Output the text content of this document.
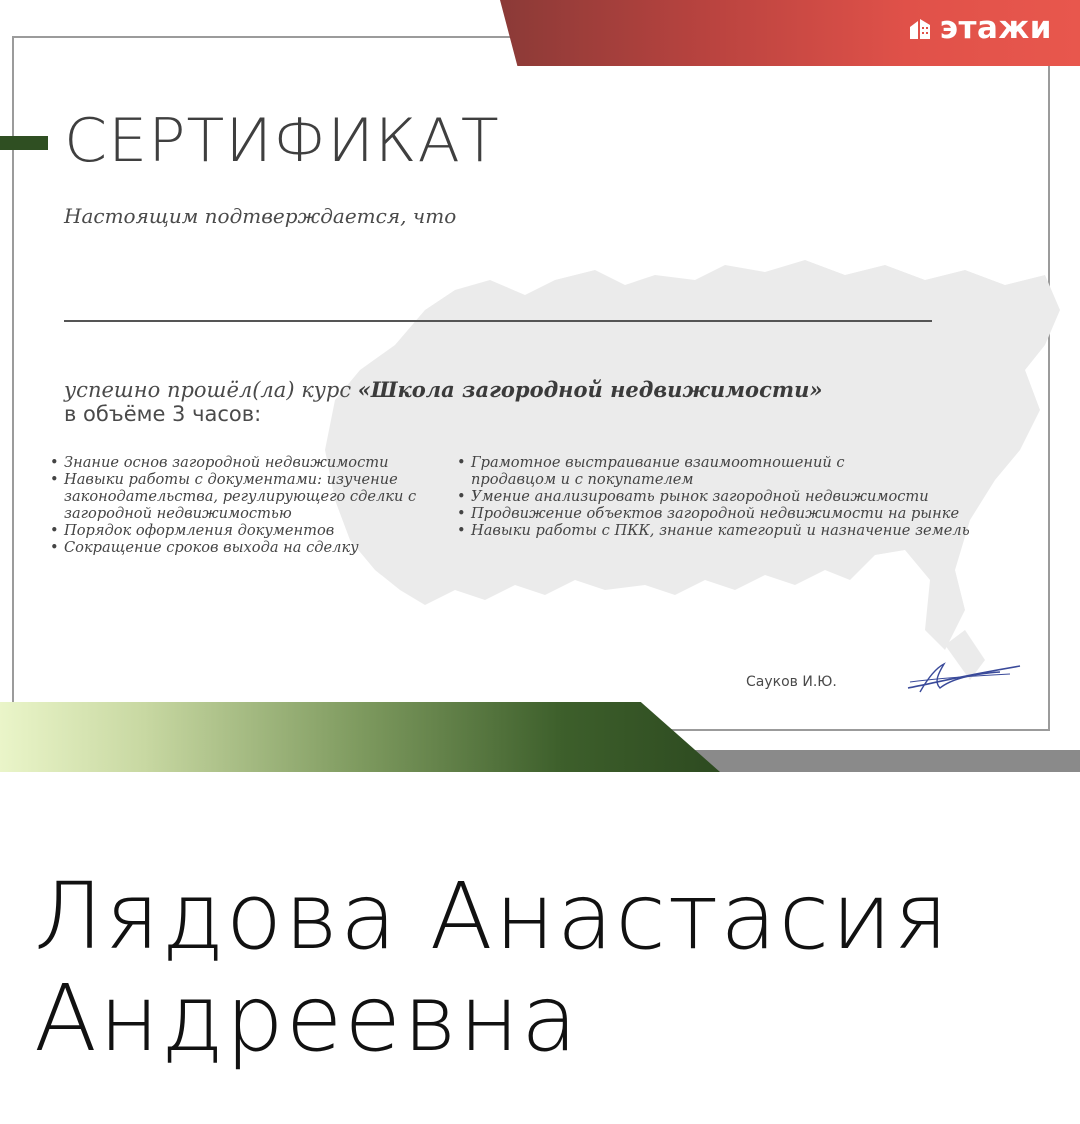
этажи
СЕРТИФИКАТ
Настоящим подтверждается, что
успешно прошёл(ла) курс «Школа загородной недвижимости»
в объёме 3 часов:
• Знание основ загородной недвижимости
• Навыки работы с документами: изучение законодательства, регулирующего сделки с загородной недвижимостью
• Порядок оформления документов
• Сокращение сроков выхода на сделку
• Грамотное выстраивание взаимоотношений с продавцом и с покупателем
• Умение анализировать рынок загородной недвижимости
• Продвижение объектов загородной недвижимости на рынке
• Навыки работы с ПКК, знание категорий и назначение земель
Сауков И.Ю.
Лядова Анастасия
Андреевна
